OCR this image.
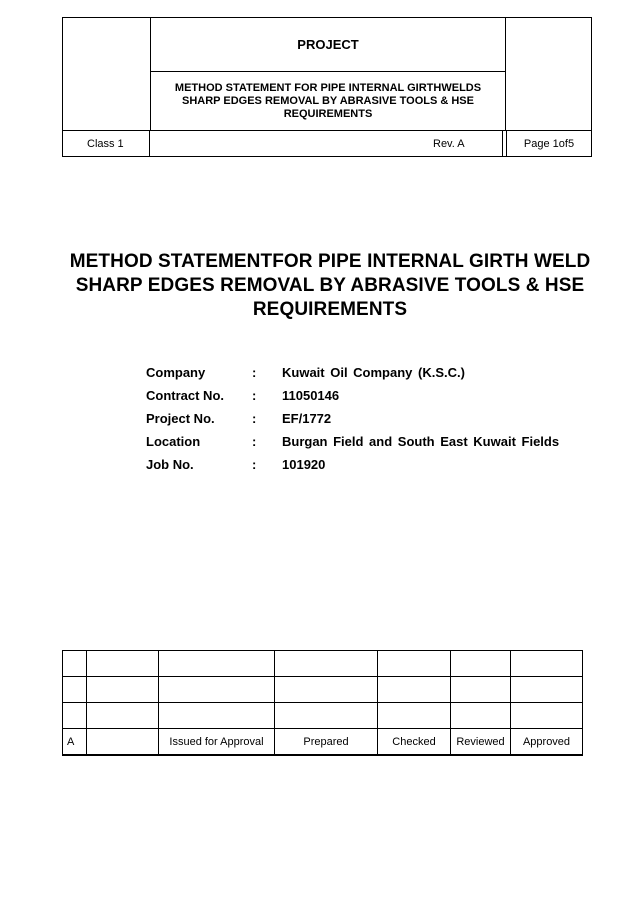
PROJECT
METHOD STATEMENT FOR PIPE INTERNAL GIRTHWELDS SHARP EDGES REMOVAL BY ABRASIVE TOOLS & HSE REQUIREMENTS
Class 1	Rev. A	Page 1of5
METHOD STATEMENTFOR PIPE INTERNAL GIRTH WELD SHARP EDGES REMOVAL BY ABRASIVE TOOLS & HSE REQUIREMENTS
Company	: Kuwait Oil Company (K.S.C.)
Contract No. : 11050146
Project No.	: EF/1772
Location	: Burgan Field and South East Kuwait Fields
Job No.	: 101920

A		Issued for Approval	Prepared	Checked	Reviewed	Approved
